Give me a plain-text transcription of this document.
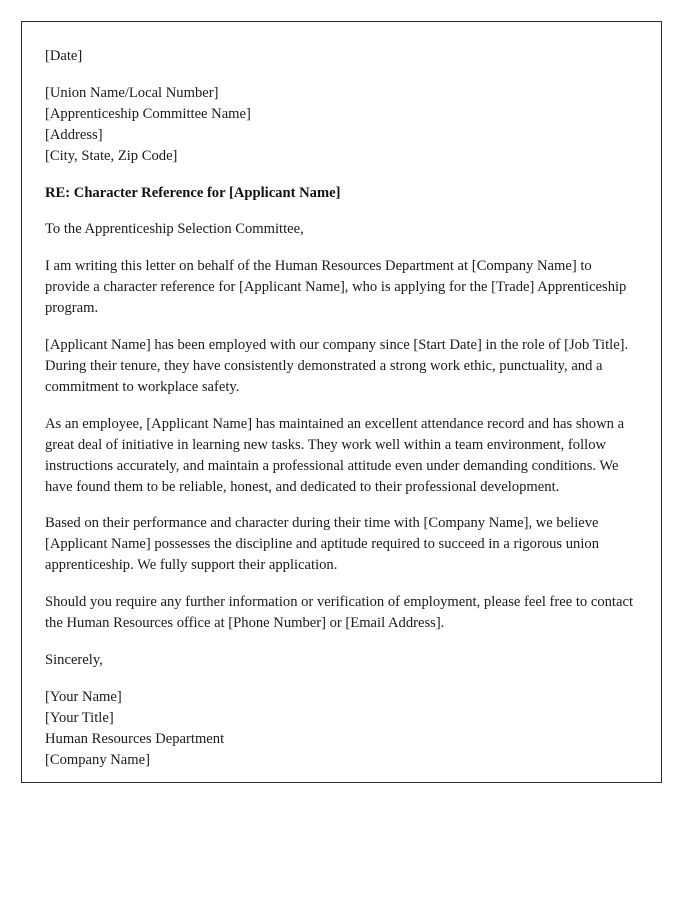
[Date]
[Union Name/Local Number]
[Apprenticeship Committee Name]
[Address]
[City, State, Zip Code]
RE: Character Reference for [Applicant Name]
To the Apprenticeship Selection Committee,
I am writing this letter on behalf of the Human Resources Department at [Company Name] to provide a character reference for [Applicant Name], who is applying for the [Trade] Apprenticeship program.
[Applicant Name] has been employed with our company since [Start Date] in the role of [Job Title]. During their tenure, they have consistently demonstrated a strong work ethic, punctuality, and a commitment to workplace safety.
As an employee, [Applicant Name] has maintained an excellent attendance record and has shown a great deal of initiative in learning new tasks. They work well within a team environment, follow instructions accurately, and maintain a professional attitude even under demanding conditions. We have found them to be reliable, honest, and dedicated to their professional development.
Based on their performance and character during their time with [Company Name], we believe [Applicant Name] possesses the discipline and aptitude required to succeed in a rigorous union apprenticeship. We fully support their application.
Should you require any further information or verification of employment, please feel free to contact the Human Resources office at [Phone Number] or [Email Address].
Sincerely,
[Your Name]
[Your Title]
Human Resources Department
[Company Name]
